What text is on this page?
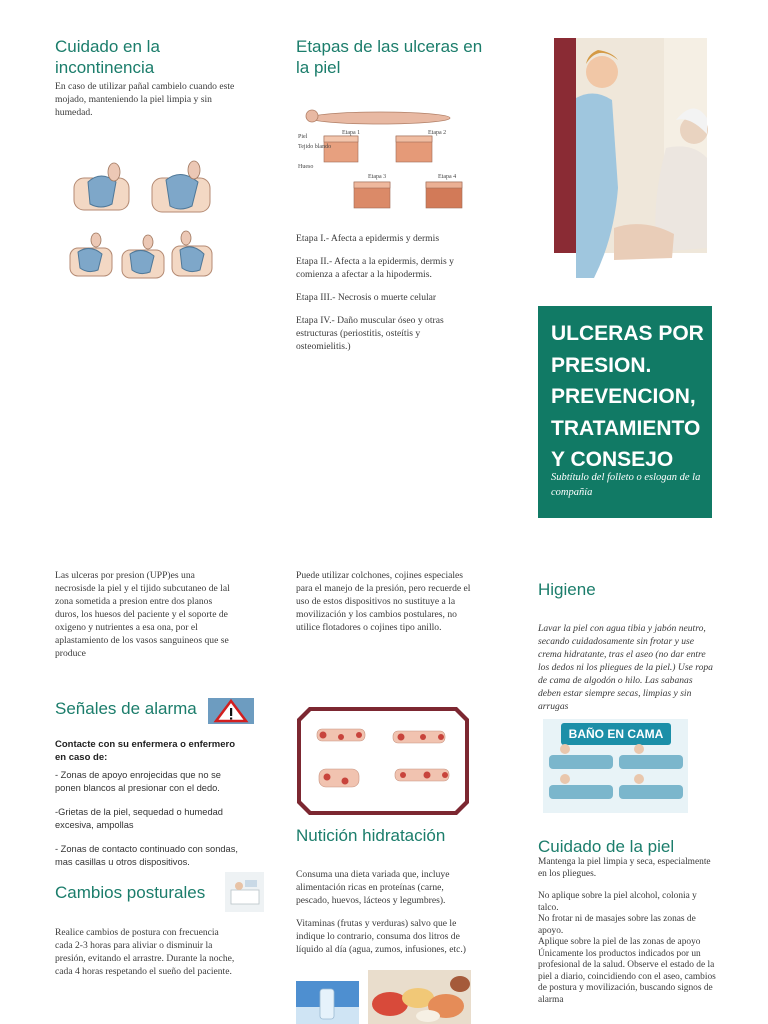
Cuidado en la incontinencia

En caso de utilizar pañal cambielo cuando este mojado, manteniendo la piel limpia y sin humedad.

Etapas de las ulceras en la piel
Piel
Tejido blando
Hueso
Etapa 1	Etapa 2
Etapa 3	Etapa 4

Etapa I.- Afecta a epidermis y dermis

Etapa II.- Afecta a la epidermis, dermis y comienza a afectar a la hipodermis.

Etapa III.- Necrosis o muerte celular

Etapa IV.- Daño muscular óseo y otras estructuras (periostitis, osteítis y osteomielitis.)

ULCERAS POR PRESION. PREVENCION, TRATAMIENTO Y CONSEJO
Subtítulo del folleto o eslogan de la compañía

Las ulceras por presion (UPP)es una necrosisde la piel y el tijido subcutaneo de lal zona sometida a presion entre dos planos duros, los huesos del paciente y el soporte de oxigeno y nutrientes a esa ona, por el aplastamiento de los vasos sanguineos que se produce

Señales de alarma

Contacte con su enfermera o enfermero en caso de:

- Zonas de apoyo enrojecidas que no se ponen blancos al presionar con el dedo.

-Grietas de la piel, sequedad o humedad excesiva, ampollas

- Zonas de contacto continuado con sondas, mas casillas u otros dispositivos.

Cambios posturales

Realice cambios de postura con frecuencia cada 2-3 horas para aliviar o disminuir la presión, evitando el arrastre. Durante la noche, cada 4 horas respetando el sueño del paciente.

Puede utilizar colchones, cojines especiales para el manejo de la presión, pero recuerde el uso de estos dispositivos no sustituye a la movilización y los cambios postulares, no utilice flotadores o cojines tipo anillo.

Nutición hidratación

Consuma una dieta variada que, incluye alimentación ricas en proteínas (carne, pescado, huevos, lácteos y legumbres).

Vitaminas (frutas y verduras) salvo que le indique lo contrario, consuma dos litros de líquido al día (agua, zumos, infusiones, etc.)

Higiene

Lavar la piel con agua tibia y jabón neutro, secando cuidadosamente sin frotar y use crema hidratante, tras el aseo (no dar entre los dedos ni los pliegues de la piel.) Use ropa de cama de algodón o hilo. Las sabanas deben estar siempre secas, limpias y sin arrugas

BAÑO EN CAMA
Cuidado de la piel

Mantenga la piel limpia y seca, especialmente en los pliegues.

No aplique sobre la piel alcohol, colonia y talco.

No frotar ni de masajes sobre las zonas de apoyo.

Aplique sobre la piel de las zonas de apoyo

Únicamente los productos indicados por un profesional de la salud. Observe el estado de la piel a diario, coincidiendo con el aseo, cambios de postura y movilización, buscando signos de alarma
